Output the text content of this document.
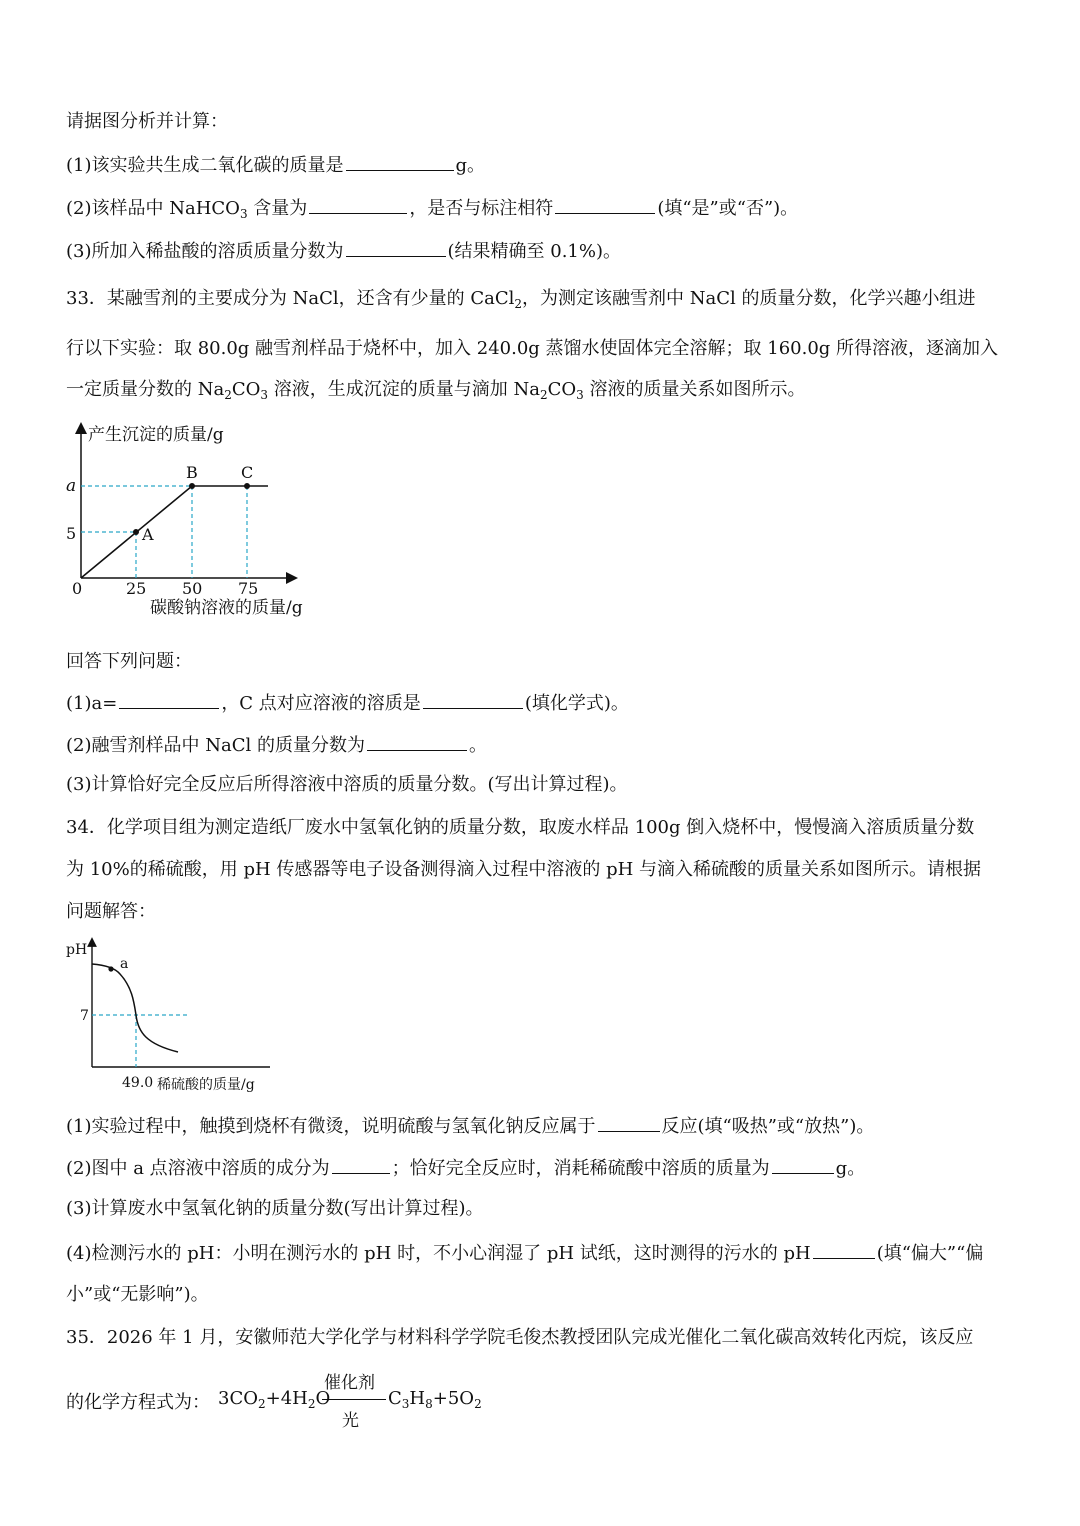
请据图分析并计算：
(1)该实验共生成二氧化碳的质量是	g。
(2)该样品中 NaHCO$_3$ 含量为	，是否与标注相符	(填“是”或“否”)。
(3)所加入稀盐酸的溶质质量分数为	(结果精确至 0.1%)。
33．某融雪剂的主要成分为 NaCl，还含有少量的 CaCl$_2$，为测定该融雪剂中 NaCl 的质量分数，化学兴趣小组进
行以下实验：取 80.0g 融雪剂样品于烧杯中，加入 240.0g 蒸馏水使固体完全溶解；取 160.0g 所得溶液，逐滴加入
一定质量分数的 $Na_2CO_3$ 溶液，生成沉淀的质量与滴加 $Na_2CO_3$ 溶液的质量关系如图所示。
产生沉淀的质量/g
碳酸钠溶液的质量/g
0
a
5
25 50 75
A
B	C
回答下列问题：
(1)a=	，C 点对应溶液的溶质是	(填化学式)。
(2)融雪剂样品中 NaCl 的质量分数为	。
(3)计算恰好完全反应后所得溶液中溶质的质量分数。(写出计算过程)。
34．化学项目组为测定造纸厂废水中氢氧化钠的质量分数，取废水样品 100g 倒入烧杯中，慢慢滴入溶质质量分数
为 10%的稀硫酸，用 pH 传感器等电子设备测得滴入过程中溶液的 pH 与滴入稀硫酸的质量关系如图所示。请根据
问题解答：
pH
7
49.0 稀硫酸的质量/g
a
(1)实验过程中，触摸到烧杯有微烫，说明硫酸与氢氧化钠反应属于	反应(填“吸热”或“放热”)。
(2)图中 a 点溶液中溶质的成分为	；恰好完全反应时，消耗稀硫酸中溶质的质量为	g。
(3)计算废水中氢氧化钠的质量分数(写出计算过程)。
(4)检测污水的 pH：小明在测污水的 pH 时，不小心润湿了 pH 试纸，这时测得的污水的 pH	(填“偏大”“偏
小”或“无影响”)。
35．2026 年 1 月，安徽师范大学化学与材料科学学院毛俊杰教授团队完成光催化二氧化碳高效转化丙烷，该反应
的化学方程式为： $3CO_2+4H_2O$
催化剂
光
$C_3H_8+5O_2$
